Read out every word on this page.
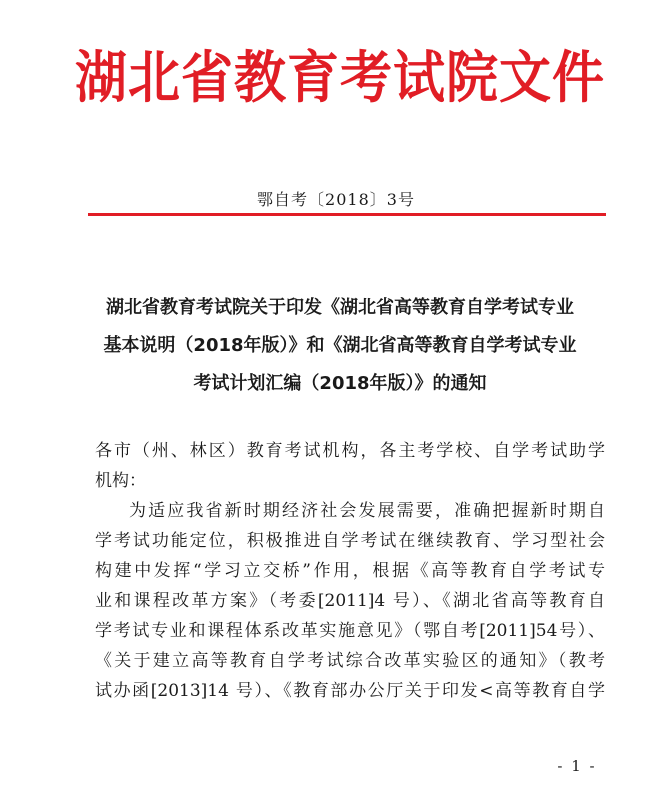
湖北省教育考试院文件
鄂自考〔2018〕3号
湖北省教育考试院关于印发《湖北省高等教育自学考试专业
基本说明（2018年版）》和《湖北省高等教育自学考试专业
考试计划汇编（2018年版）》的通知
各市（州、林区）教育考试机构，各主考学校、自学考试助学
机构：
为适应我省新时期经济社会发展需要，准确把握新时期自
学考试功能定位，积极推进自学考试在继续教育、学习型社会
构建中发挥“学习立交桥”作用，根据《高等教育自学考试专
业和课程改革方案》（考委[2011]4 号）、《湖北省高等教育自
学考试专业和课程体系改革实施意见》（鄂自考[2011]54号）、
《关于建立高等教育自学考试综合改革实验区的通知》（教考
试办函[2013]14 号）、《教育部办公厅关于印发<高等教育自学
- 1 -
